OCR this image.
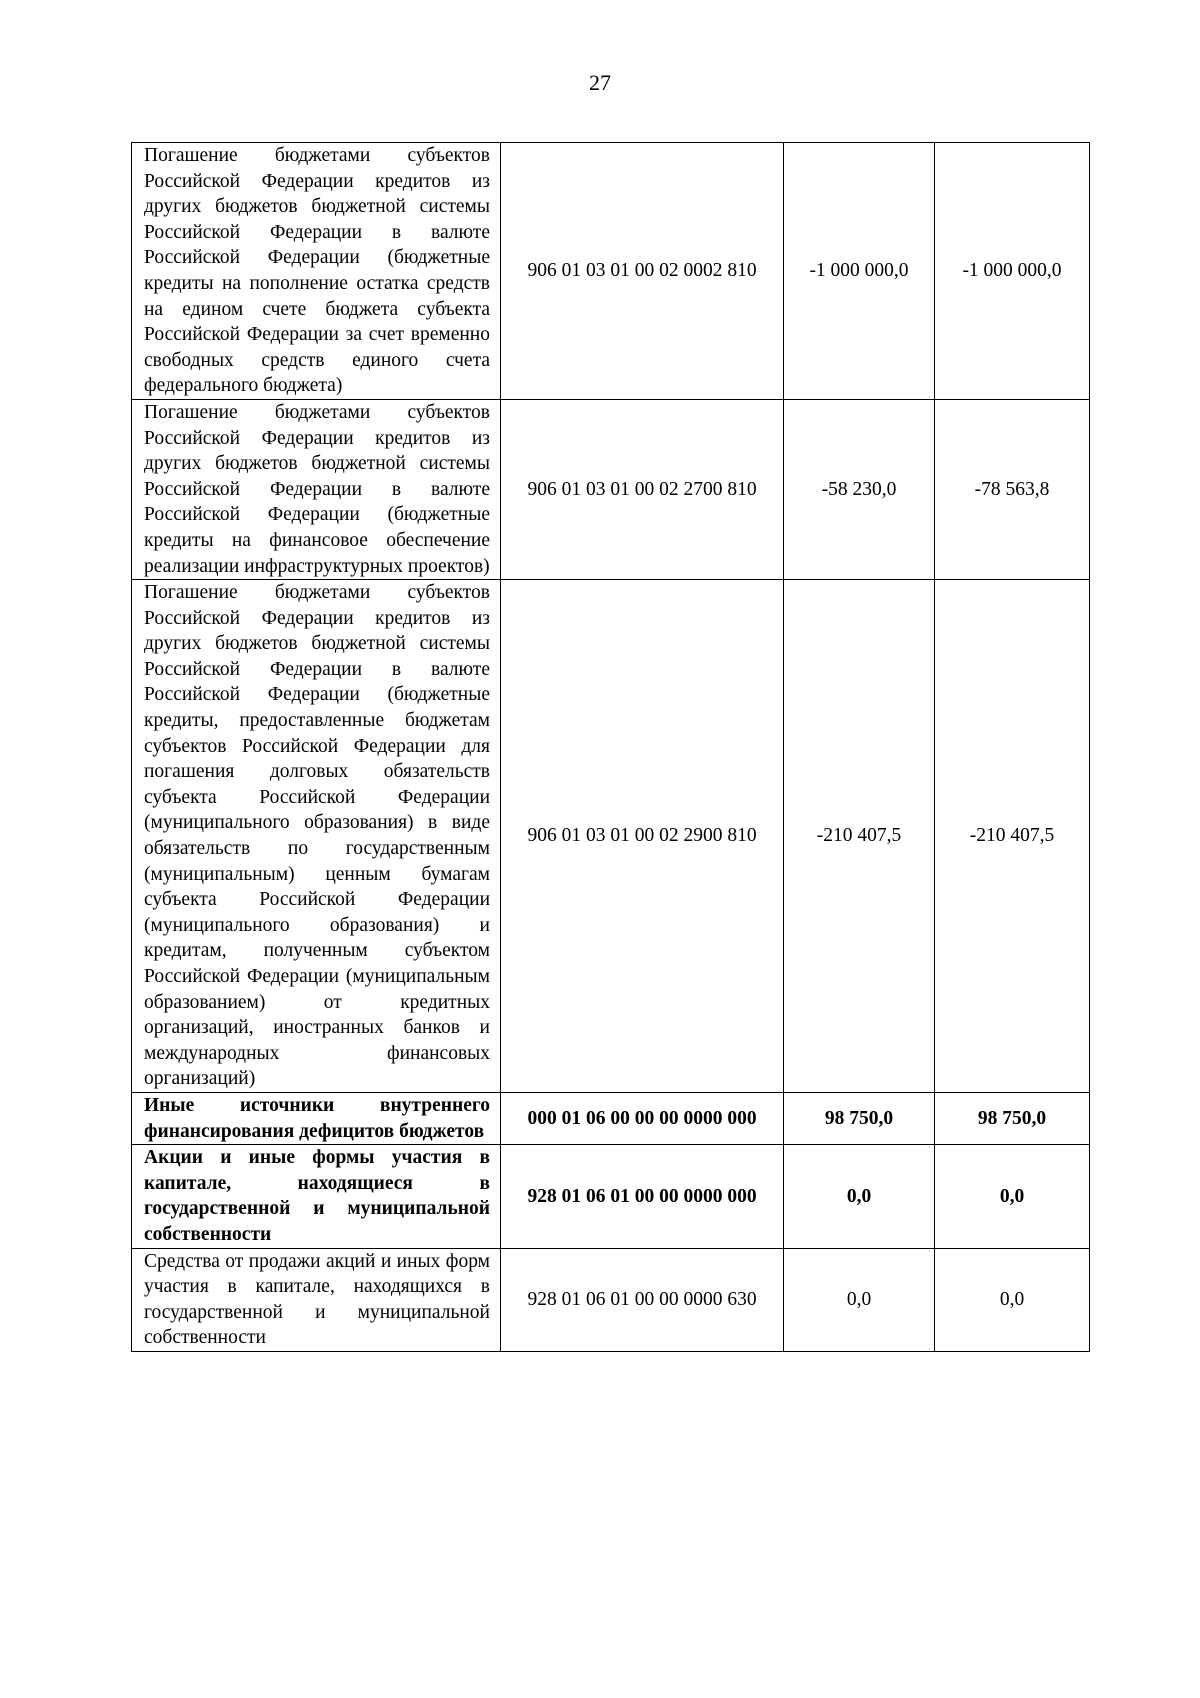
27
Погашение бюджетами субъектов Российской Федерации кредитов из других бюджетов бюджетной системы Российской Федерации в валюте Российской Федерации (бюджетные кредиты на пополнение остатка средств на едином счете бюджета субъекта Российской Федерации за счет временно свободных средств единого счета федерального бюджета)	906 01 03 01 00 02 0002 810	-1 000 000,0	-1 000 000,0
Погашение бюджетами субъектов Российской Федерации кредитов из других бюджетов бюджетной системы Российской Федерации в валюте Российской Федерации (бюджетные кредиты на финансовое обеспечение реализации инфраструктурных проектов)	906 01 03 01 00 02 2700 810	-58 230,0	-78 563,8
Погашение бюджетами субъектов Российской Федерации кредитов из других бюджетов бюджетной системы Российской Федерации в валюте Российской Федерации (бюджетные кредиты, предоставленные бюджетам субъектов Российской Федерации для погашения долговых обязательств субъекта Российской Федерации (муниципального образования) в виде обязательств по государственным (муниципальным) ценным бумагам субъекта Российской Федерации (муниципального образования) и кредитам, полученным субъектом Российской Федерации (муниципальным образованием) от кредитных организаций, иностранных банков и международных финансовых организаций)	906 01 03 01 00 02 2900 810	-210 407,5	-210 407,5
Иные источники внутреннего финансирования дефицитов бюджетов	000 01 06 00 00 00 0000 000	98 750,0	98 750,0
Акции и иные формы участия в капитале, находящиеся в государственной и муниципальной собственности	928 01 06 01 00 00 0000 000	0,0	0,0
Средства от продажи акций и иных форм участия в капитале, находящихся в государственной и муниципальной собственности	928 01 06 01 00 00 0000 630	0,0	0,0
